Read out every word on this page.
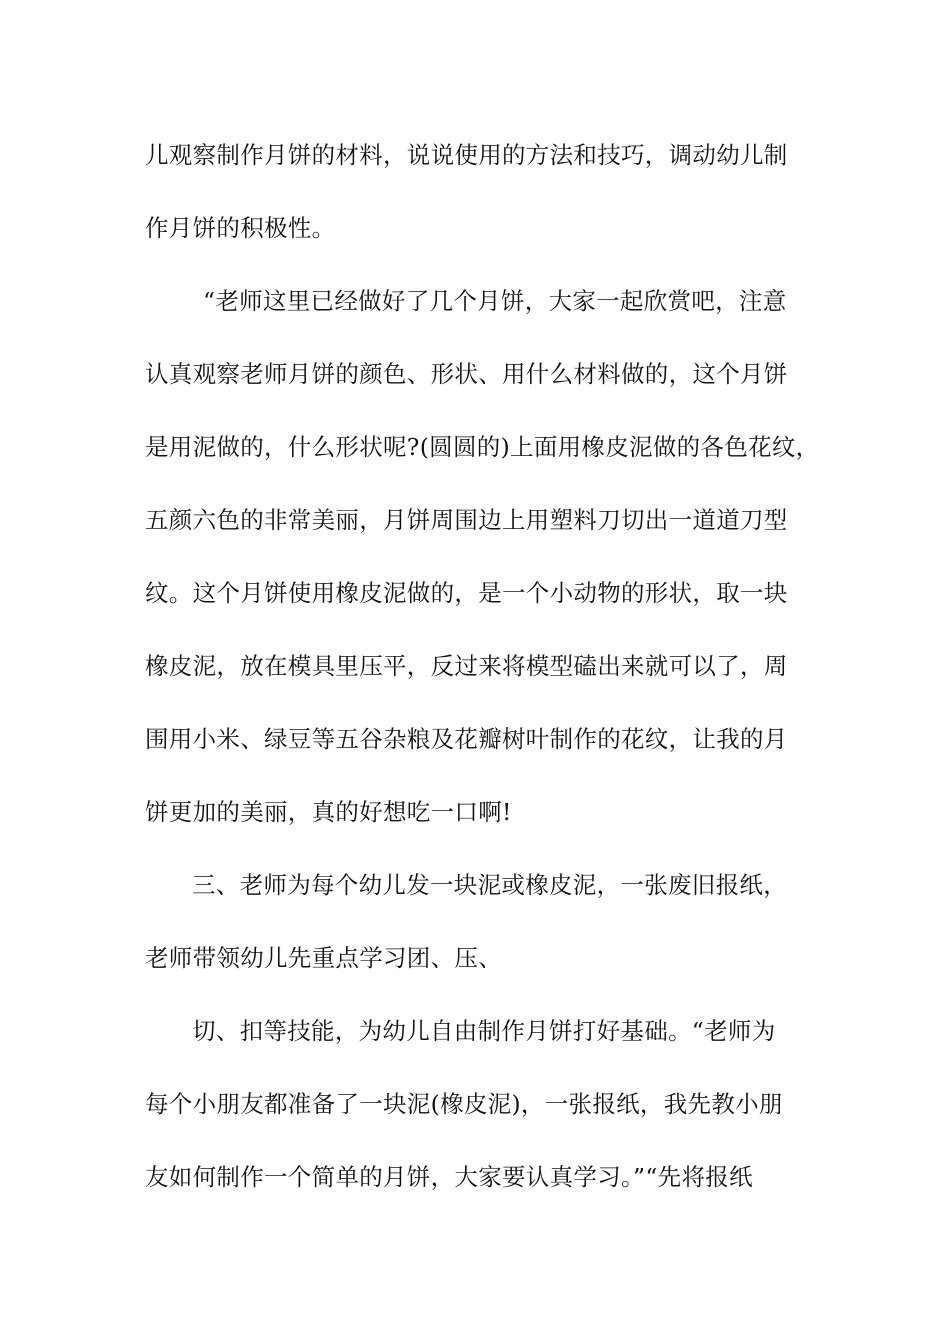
儿观察制作月饼的材料，说说使用的方法和技巧，调动幼儿制
作月饼的积极性。
“老师这里已经做好了几个月饼，大家一起欣赏吧，注意
认真观察老师月饼的颜色、形状、用什么材料做的，这个月饼
是用泥做的，什么形状呢?(圆圆的)上面用橡皮泥做的各色花纹，
五颜六色的非常美丽，月饼周围边上用塑料刀切出一道道刀型
纹。这个月饼使用橡皮泥做的，是一个小动物的形状，取一块
橡皮泥，放在模具里压平，反过来将模型磕出来就可以了，周
围用小米、绿豆等五谷杂粮及花瓣树叶制作的花纹，让我的月
饼更加的美丽，真的好想吃一口啊!
三、老师为每个幼儿发一块泥或橡皮泥，一张废旧报纸，
老师带领幼儿先重点学习团、压、
切、扣等技能，为幼儿自由制作月饼打好基础。“老师为
每个小朋友都准备了一块泥(橡皮泥)，一张报纸，我先教小朋
友如何制作一个简单的月饼，大家要认真学习。”“先将报纸
